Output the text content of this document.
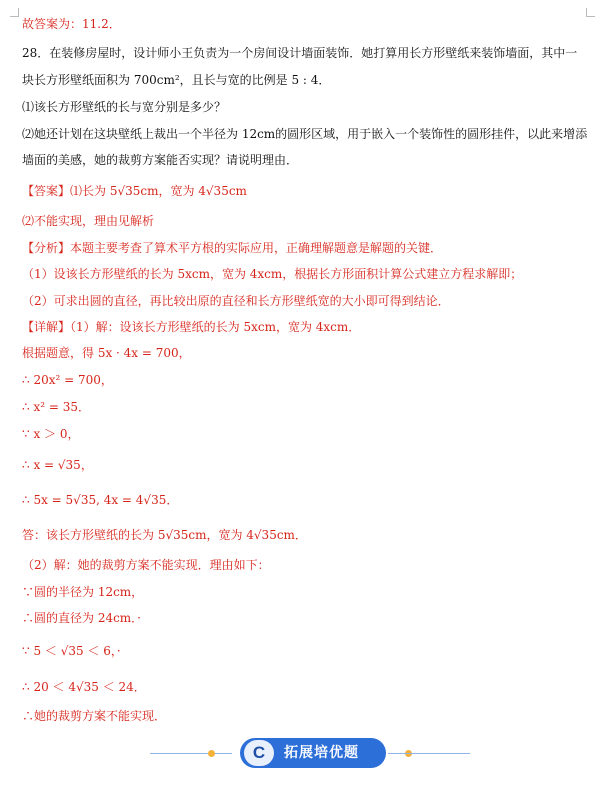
故答案为：11.2．
28．在装修房屋时，设计师小王负责为一个房间设计墙面装饰．她打算用长方形壁纸来装饰墙面，其中一
块长方形壁纸面积为 700cm²，且长与宽的比例是 5 : 4．
⑴该长方形壁纸的长与宽分别是多少？
⑵她还计划在这块壁纸上裁出一个半径为 12cm的圆形区域，用于嵌入一个装饰性的圆形挂件，以此来增添
墙面的美感，她的裁剪方案能否实现？请说明理由．
【答案】⑴长为 5√35cm，宽为 4√35cm
⑵不能实现，理由见解析
【分析】本题主要考查了算术平方根的实际应用，正确理解题意是解题的关键．
（1）设该长方形壁纸的长为 5xcm，宽为 4xcm，根据长方形面积计算公式建立方程求解即；
（2）可求出圆的直径，再比较出原的直径和长方形壁纸宽的大小即可得到结论．
【详解】（1）解：设该长方形壁纸的长为 5xcm，宽为 4xcm．
根据题意，得 5x · 4x = 700，
∴ 20x² = 700，
∴ x² = 35．
∵ x ＞ 0，
∴ x = √35，
∴ 5x = 5√35, 4x = 4√35．
答：该长方形壁纸的长为 5√35cm，宽为 4√35cm．
（2）解：她的裁剪方案不能实现．理由如下：
∵圆的半径为 12cm，
∴圆的直径为 24cm．·
∵ 5 ＜ √35 ＜ 6，·
∴ 20 ＜ 4√35 ＜ 24．
∴她的裁剪方案不能实现．
C	拓展培优题
